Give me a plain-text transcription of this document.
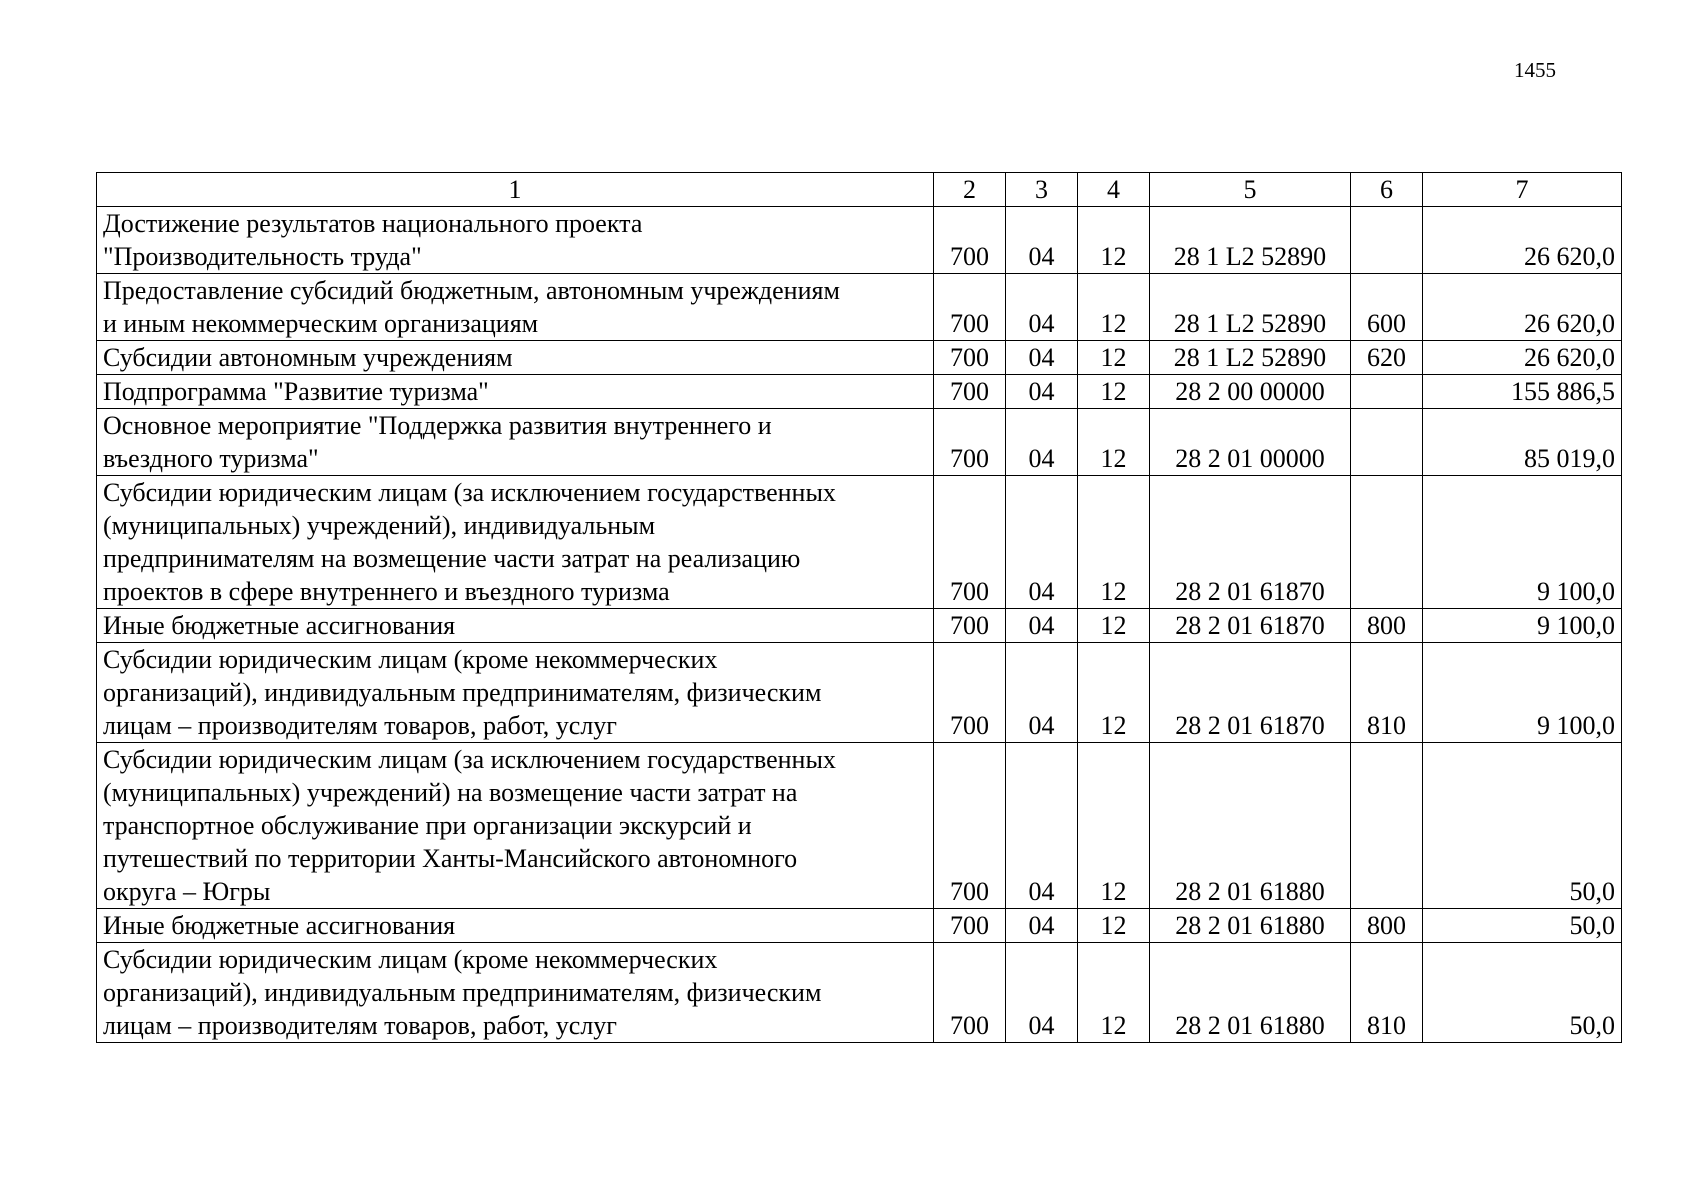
1455
1	2	3	4	5	6	7

Достижение результатов национального проекта
"Производительность труда"	700	04	12	28 1 L2 52890		26 620,0

Предоставление субсидий бюджетным, автономным учреждениям
и иным некоммерческим организациям	700	04	12	28 1 L2 52890	600	26 620,0

Субсидии автономным учреждениям	700	04	12	28 1 L2 52890	620	26 620,0

Подпрограмма "Развитие туризма"	700	04	12	28 2 00 00000		155 886,5

Основное мероприятие "Поддержка развития внутреннего и
въездного туризма"	700	04	12	28 2 01 00000		85 019,0

Субсидии юридическим лицам (за исключением государственных
(муниципальных) учреждений), индивидуальным
предпринимателям на возмещение части затрат на реализацию
проектов в сфере внутреннего и въездного туризма	700	04	12	28 2 01 61870		9 100,0

Иные бюджетные ассигнования	700	04	12	28 2 01 61870	800	9 100,0

Субсидии юридическим лицам (кроме некоммерческих
организаций), индивидуальным предпринимателям, физическим
лицам – производителям товаров, работ, услуг	700	04	12	28 2 01 61870	810	9 100,0

Субсидии юридическим лицам (за исключением государственных
(муниципальных) учреждений) на возмещение части затрат на
транспортное обслуживание при организации экскурсий и
путешествий по территории Ханты-Мансийского автономного
округа – Югры	700	04	12	28 2 01 61880		50,0

Иные бюджетные ассигнования	700	04	12	28 2 01 61880	800	50,0

Субсидии юридическим лицам (кроме некоммерческих
организаций), индивидуальным предпринимателям, физическим
лицам – производителям товаров, работ, услуг	700	04	12	28 2 01 61880	810	50,0
